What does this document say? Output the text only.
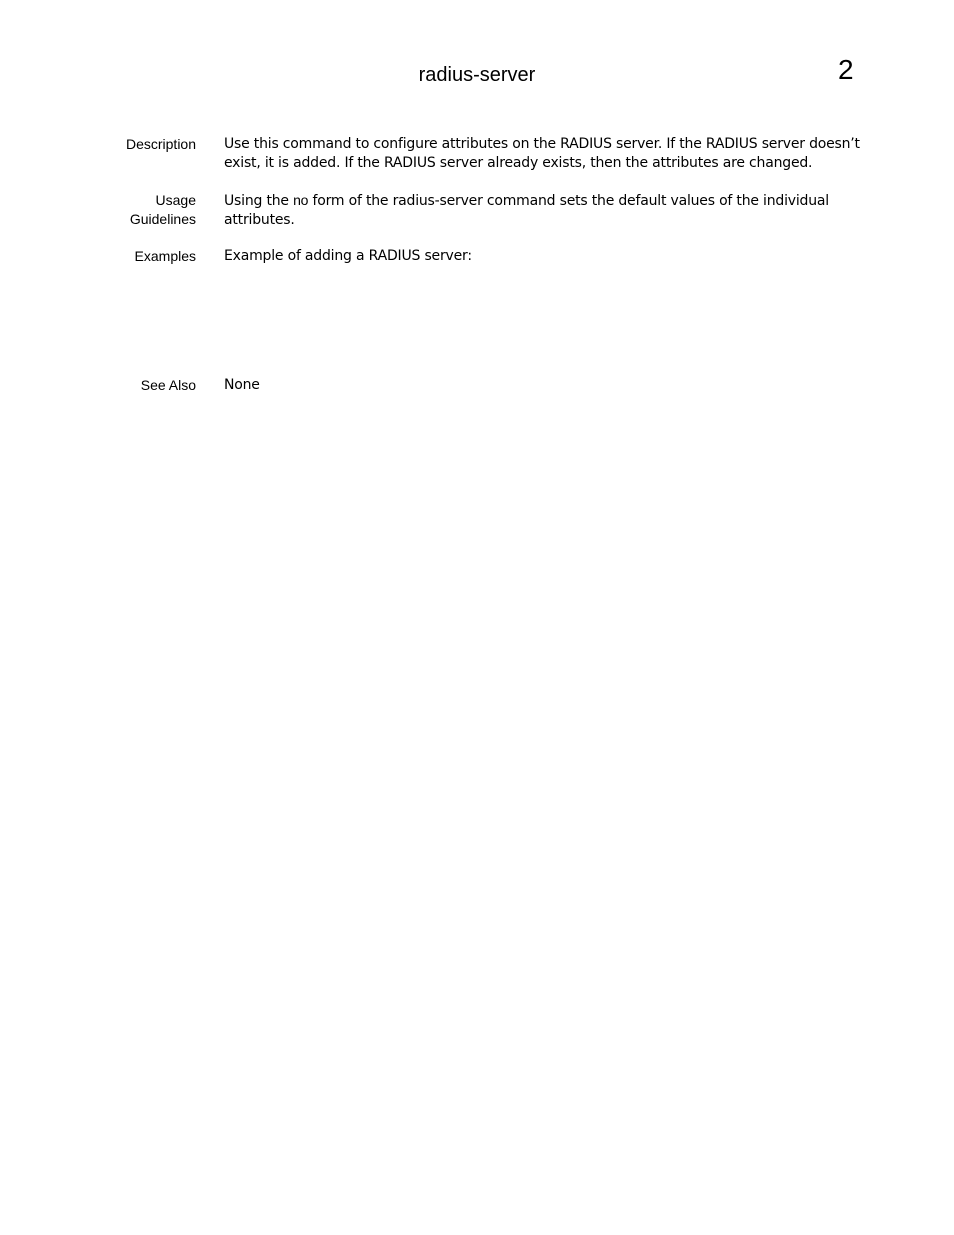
radius-server	2
Description Use this command to configure attributes on the RADIUS server. If the RADIUS server doesn’t exist, it is added. If the RADIUS server already exists, then the attributes are changed.
Usage
Guidelines
Using the no form of the radius-server command sets the default values of the individual attributes.
Examples Example of adding a RADIUS server:
See Also None
